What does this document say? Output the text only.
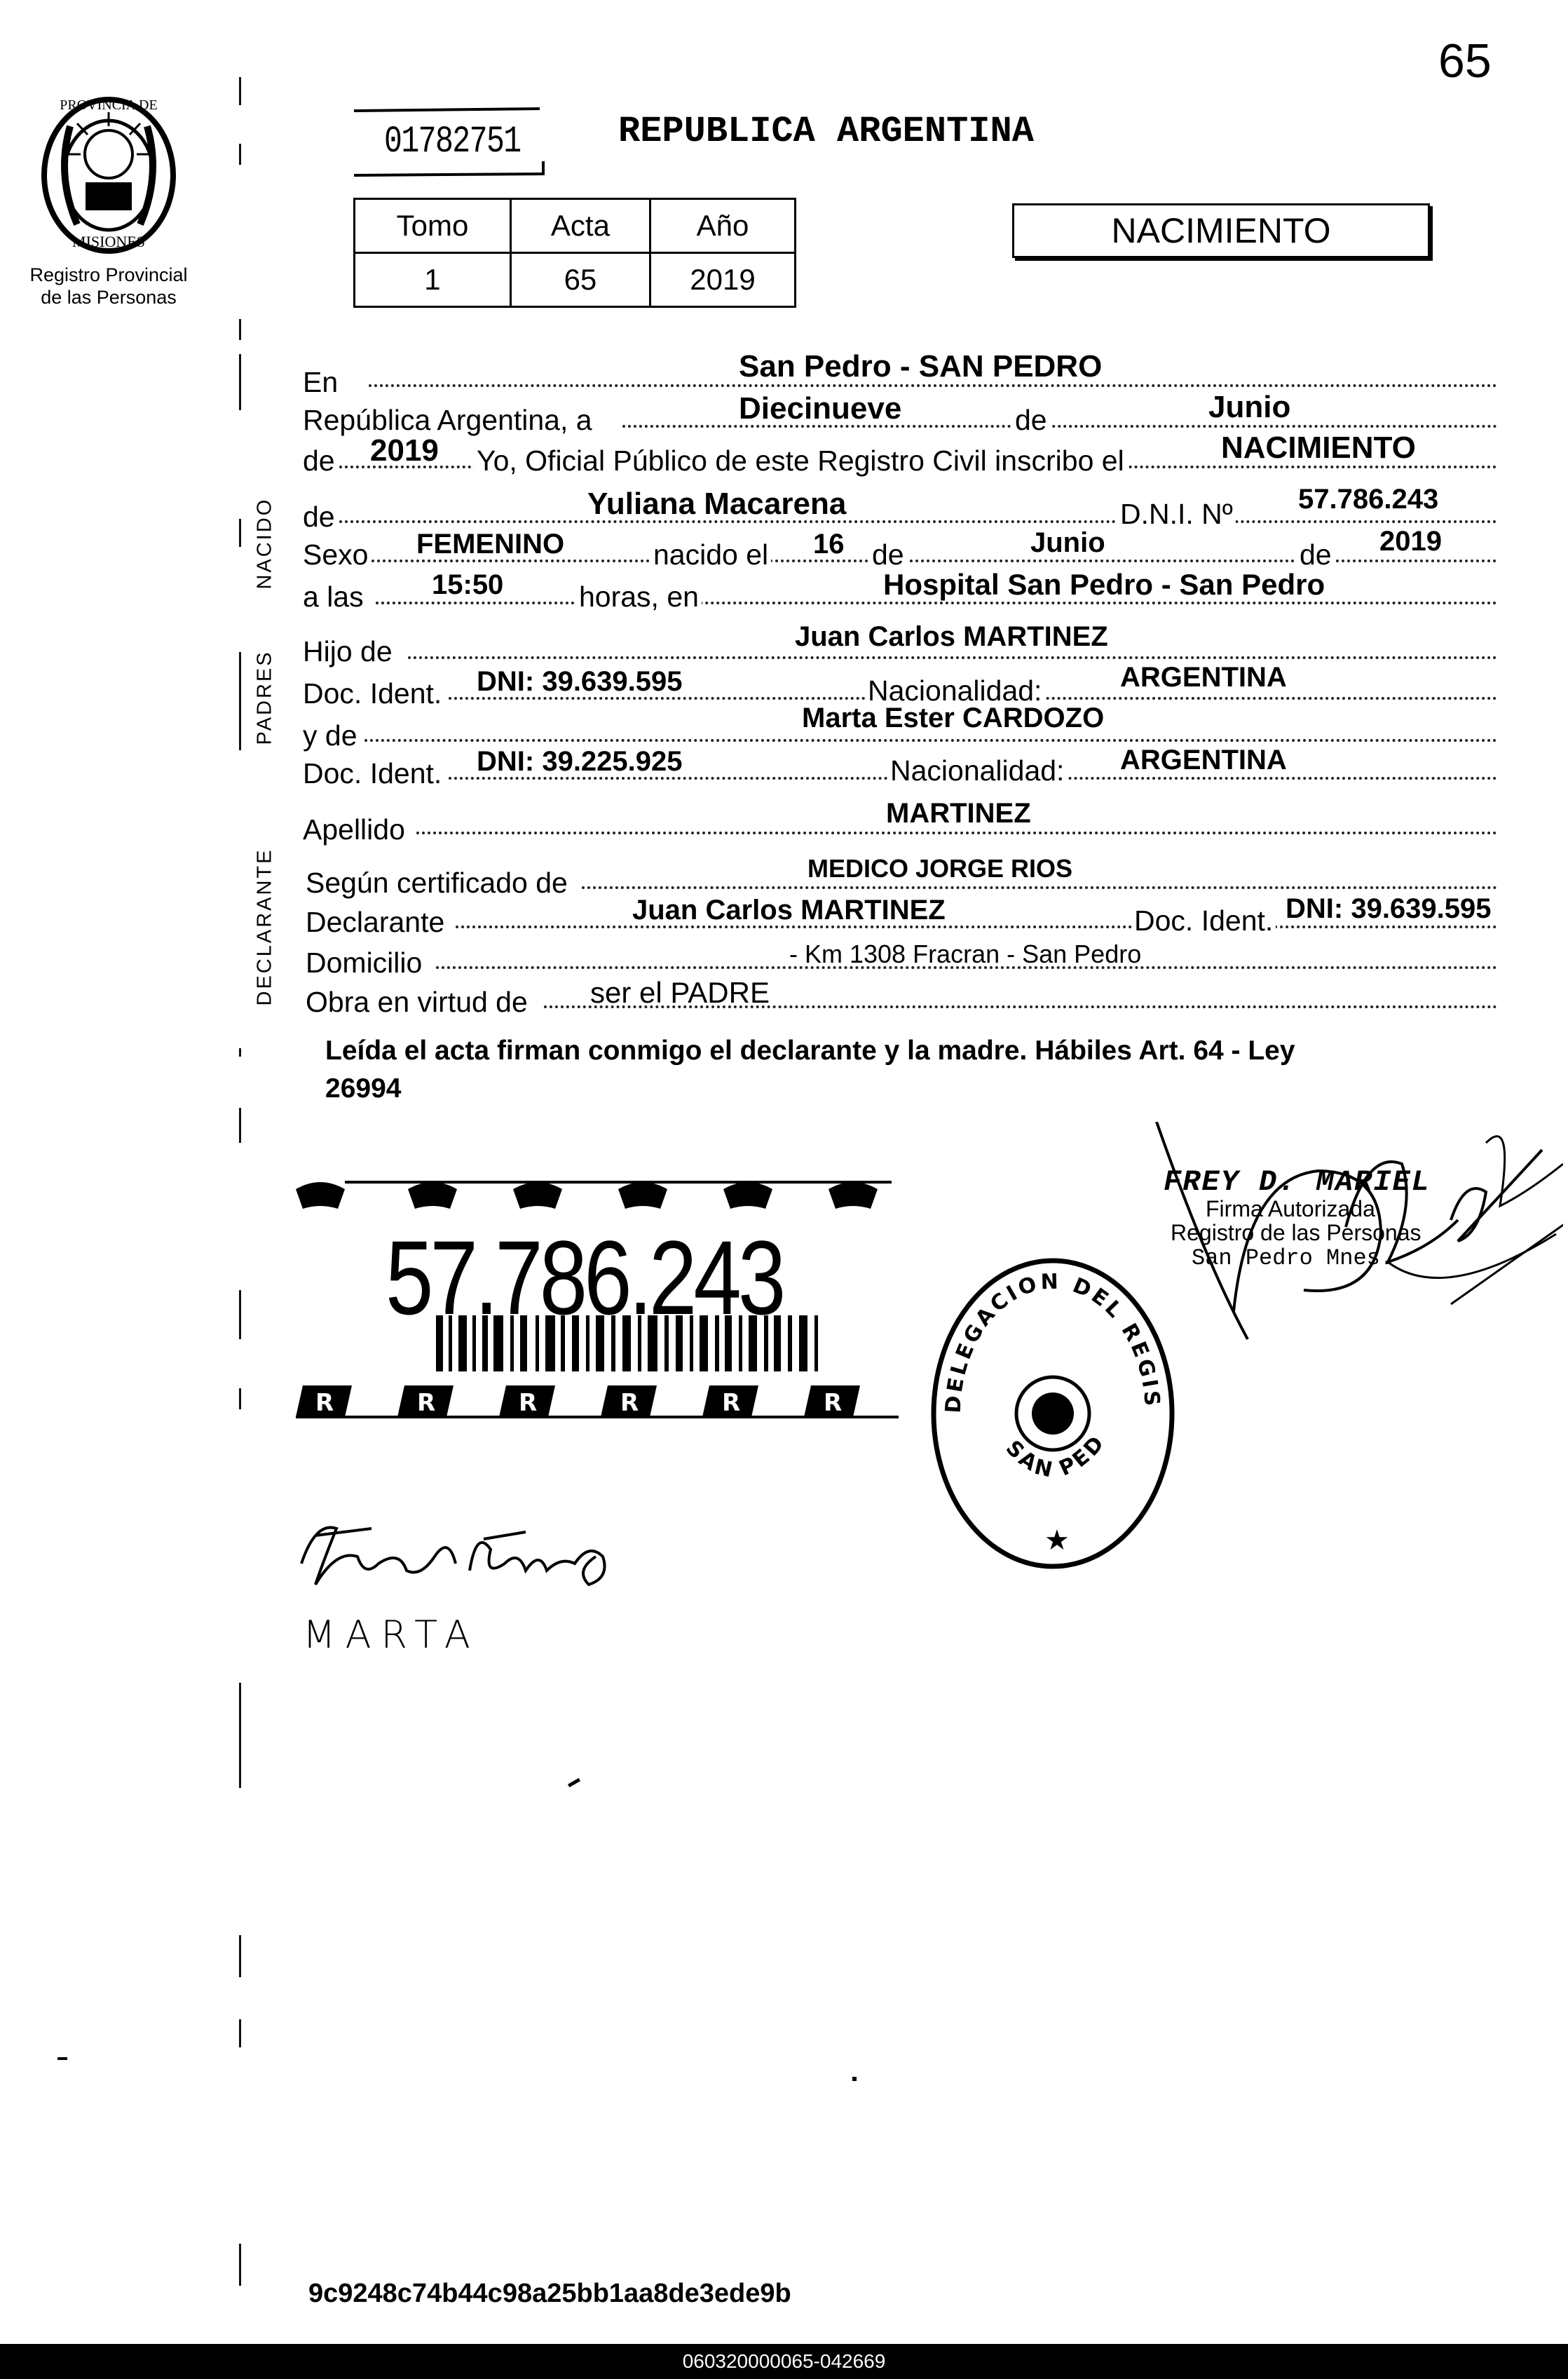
65
PROVINCIA DE
MISIONES
Registro Provincial
de las Personas
01782751	REPUBLICA ARGENTINA
Tomo	Acta	Año
1	65	2019
NACIMIENTO
NACIDO
PADRES
DECLARANTE
En	San Pedro - SAN PEDRO
República Argentina, a	Diecinueve	de	Junio
de 2019 Yo, Oficial Público de este Registro Civil inscribo el	NACIMIENTO
de	Yuliana Macarena	D.N.I. Nº 57.786.243
Sexo FEMENINO	nacido el 16 de	Junio	de 2019
a las 15:50	horas, en	Hospital San Pedro - San Pedro
Hijo de	Juan Carlos MARTINEZ
Doc. Ident. DNI: 39.639.595	Nacionalidad:	ARGENTINA
y de
Marta Ester CARDOZO
Doc. Ident. DNI: 39.225.925	Nacionalidad: ARGENTINA
Apellido	MARTINEZ
Según certificado de	MEDICO JORGE RIOS
Declarante	Juan Carlos MARTINEZ	Doc. Ident. DNI: 39.639.595
Domicilio	- Km 1308 Fracran - San Pedro
Obra en virtud de ser el PADRE
Leída el acta firman conmigo el declarante y la madre. Hábiles Art. 64 - Ley
26994
R	R	R	R	R	R
57.786.243
FREY D. MARIEL
Firma Autorizada
Registro de las Personas
San Pedro Mnes.
DELEGACION DEL REGIS
SAN PED
★
MARTA
9c9248c74b44c98a25bb1aa8de3ede9b
060320000065-042669
